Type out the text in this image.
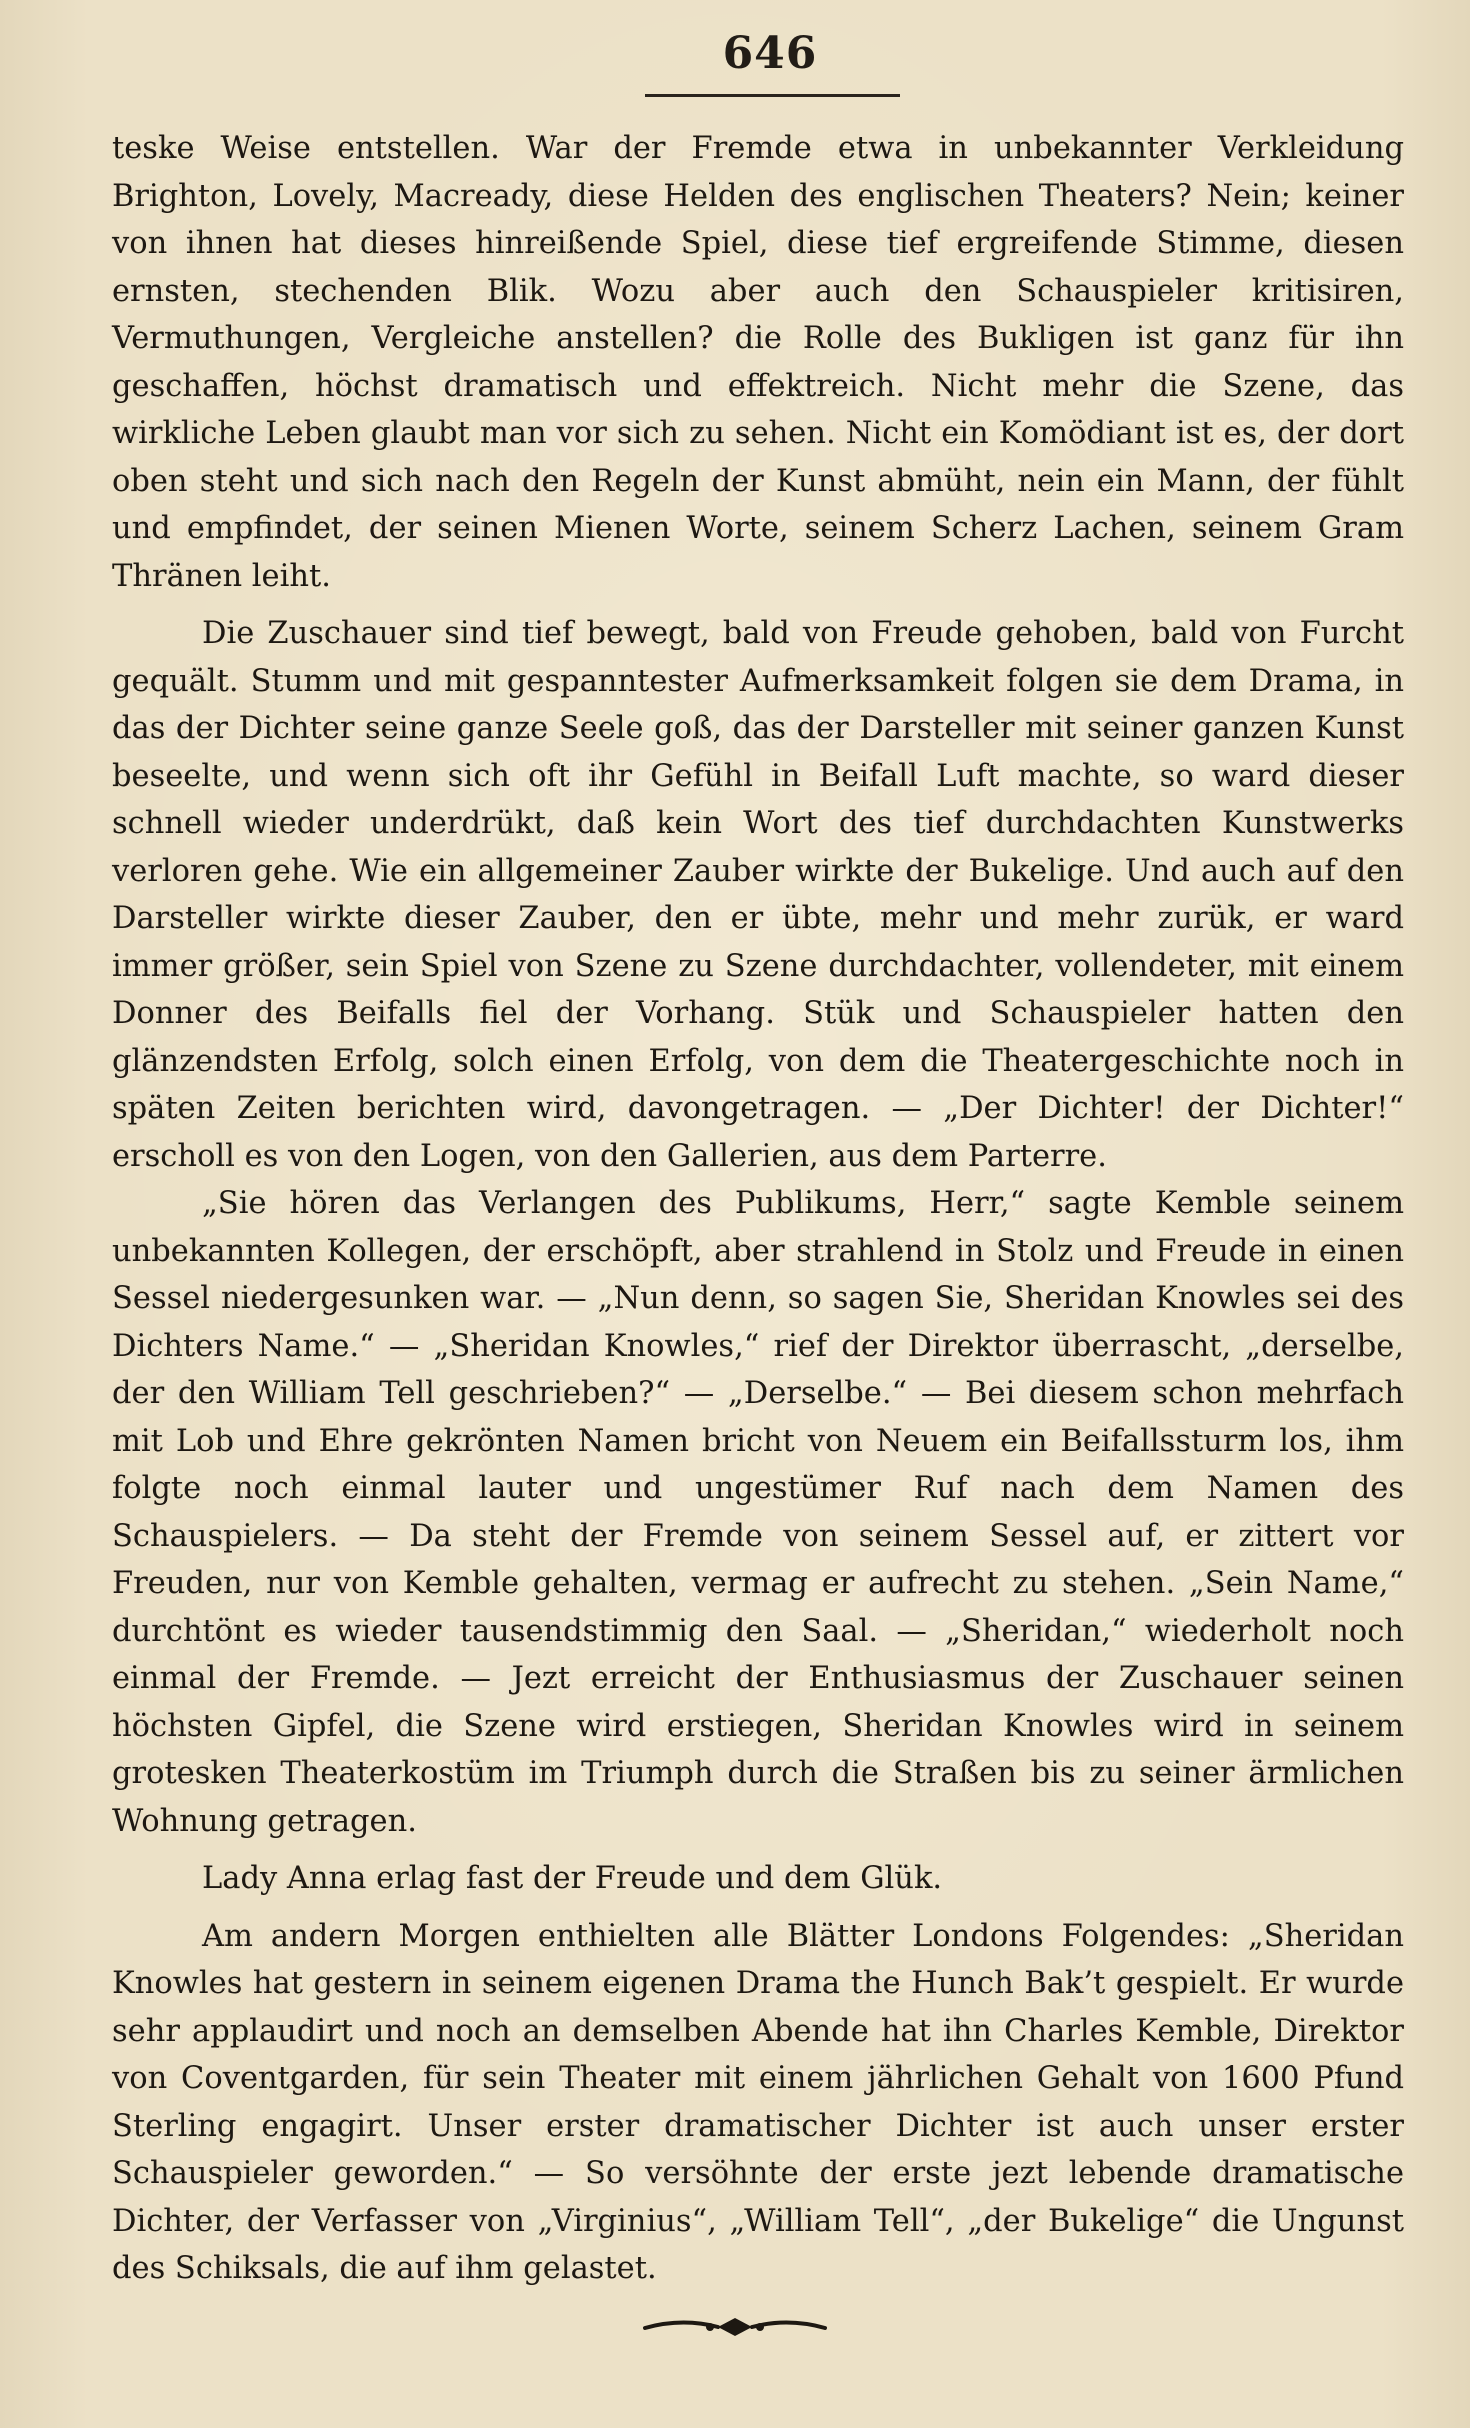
646

teske Weise entstellen. War der Fremde etwa in unbekannter Verkleidung Brighton, Lovely, Macready, diese Helden des englischen Theaters? Nein; keiner von ihnen hat dieses hinreißende Spiel, diese tief ergreifende Stimme, diesen ernsten, stechenden Blik. Wozu aber auch den Schauspieler kritisiren, Vermuthungen, Vergleiche anstellen? die Rolle des Bukligen ist ganz für ihn geschaffen, höchst dramatisch und effektreich. Nicht mehr die Szene, das wirkliche Leben glaubt man vor sich zu sehen. Nicht ein Komödiant ist es, der dort oben steht und sich nach den Regeln der Kunst abmüht, nein ein Mann, der fühlt und empfindet, der seinen Mienen Worte, seinem Scherz Lachen, seinem Gram Thränen leiht.

Die Zuschauer sind tief bewegt, bald von Freude gehoben, bald von Furcht gequält. Stumm und mit gespanntester Aufmerksamkeit folgen sie dem Drama, in das der Dichter seine ganze Seele goß, das der Darsteller mit seiner ganzen Kunst beseelte, und wenn sich oft ihr Gefühl in Beifall Luft machte, so ward dieser schnell wieder underdrükt, daß kein Wort des tief durchdachten Kunstwerks verloren gehe. Wie ein allgemeiner Zauber wirkte der Bukelige. Und auch auf den Darsteller wirkte dieser Zauber, den er übte, mehr und mehr zurük, er ward immer größer, sein Spiel von Szene zu Szene durchdachter, vollendeter, mit einem Donner des Beifalls fiel der Vorhang. Stük und Schauspieler hatten den glänzendsten Erfolg, solch einen Erfolg, von dem die Theatergeschichte noch in späten Zeiten berichten wird, davongetragen. — „Der Dichter! der Dichter!“ erscholl es von den Logen, von den Gallerien, aus dem Parterre.

„Sie hören das Verlangen des Publikums, Herr,“ sagte Kemble seinem unbekannten Kollegen, der erschöpft, aber strahlend in Stolz und Freude in einen Sessel niedergesunken war. — „Nun denn, so sagen Sie, Sheridan Knowles sei des Dichters Name.“ — „Sheridan Knowles,“ rief der Direktor überrascht, „derselbe, der den William Tell geschrieben?“ — „Derselbe.“ — Bei diesem schon mehrfach mit Lob und Ehre gekrönten Namen bricht von Neuem ein Beifallssturm los, ihm folgte noch einmal lauter und ungestümer Ruf nach dem Namen des Schauspielers. — Da steht der Fremde von seinem Sessel auf, er zittert vor Freuden, nur von Kemble gehalten, vermag er aufrecht zu stehen. „Sein Name,“ durchtönt es wieder tausendstimmig den Saal. — „Sheridan,“ wiederholt noch einmal der Fremde. — Jezt erreicht der Enthusiasmus der Zuschauer seinen höchsten Gipfel, die Szene wird erstiegen, Sheridan Knowles wird in seinem grotesken Theaterkostüm im Triumph durch die Straßen bis zu seiner ärmlichen Wohnung getragen.

Lady Anna erlag fast der Freude und dem Glük.

Am andern Morgen enthielten alle Blätter Londons Folgendes: „Sheridan Knowles hat gestern in seinem eigenen Drama the Hunch Bak’t gespielt. Er wurde sehr applaudirt und noch an demselben Abende hat ihn Charles Kemble, Direktor von Coventgarden, für sein Theater mit einem jährlichen Gehalt von 1600 Pfund Sterling engagirt. Unser erster dramatischer Dichter ist auch unser erster Schauspieler geworden.“ — So versöhnte der erste jezt lebende dramatische Dichter, der Verfasser von „Virginius“, „William Tell“, „der Bukelige“ die Ungunst des Schiksals, die auf ihm gelastet.
